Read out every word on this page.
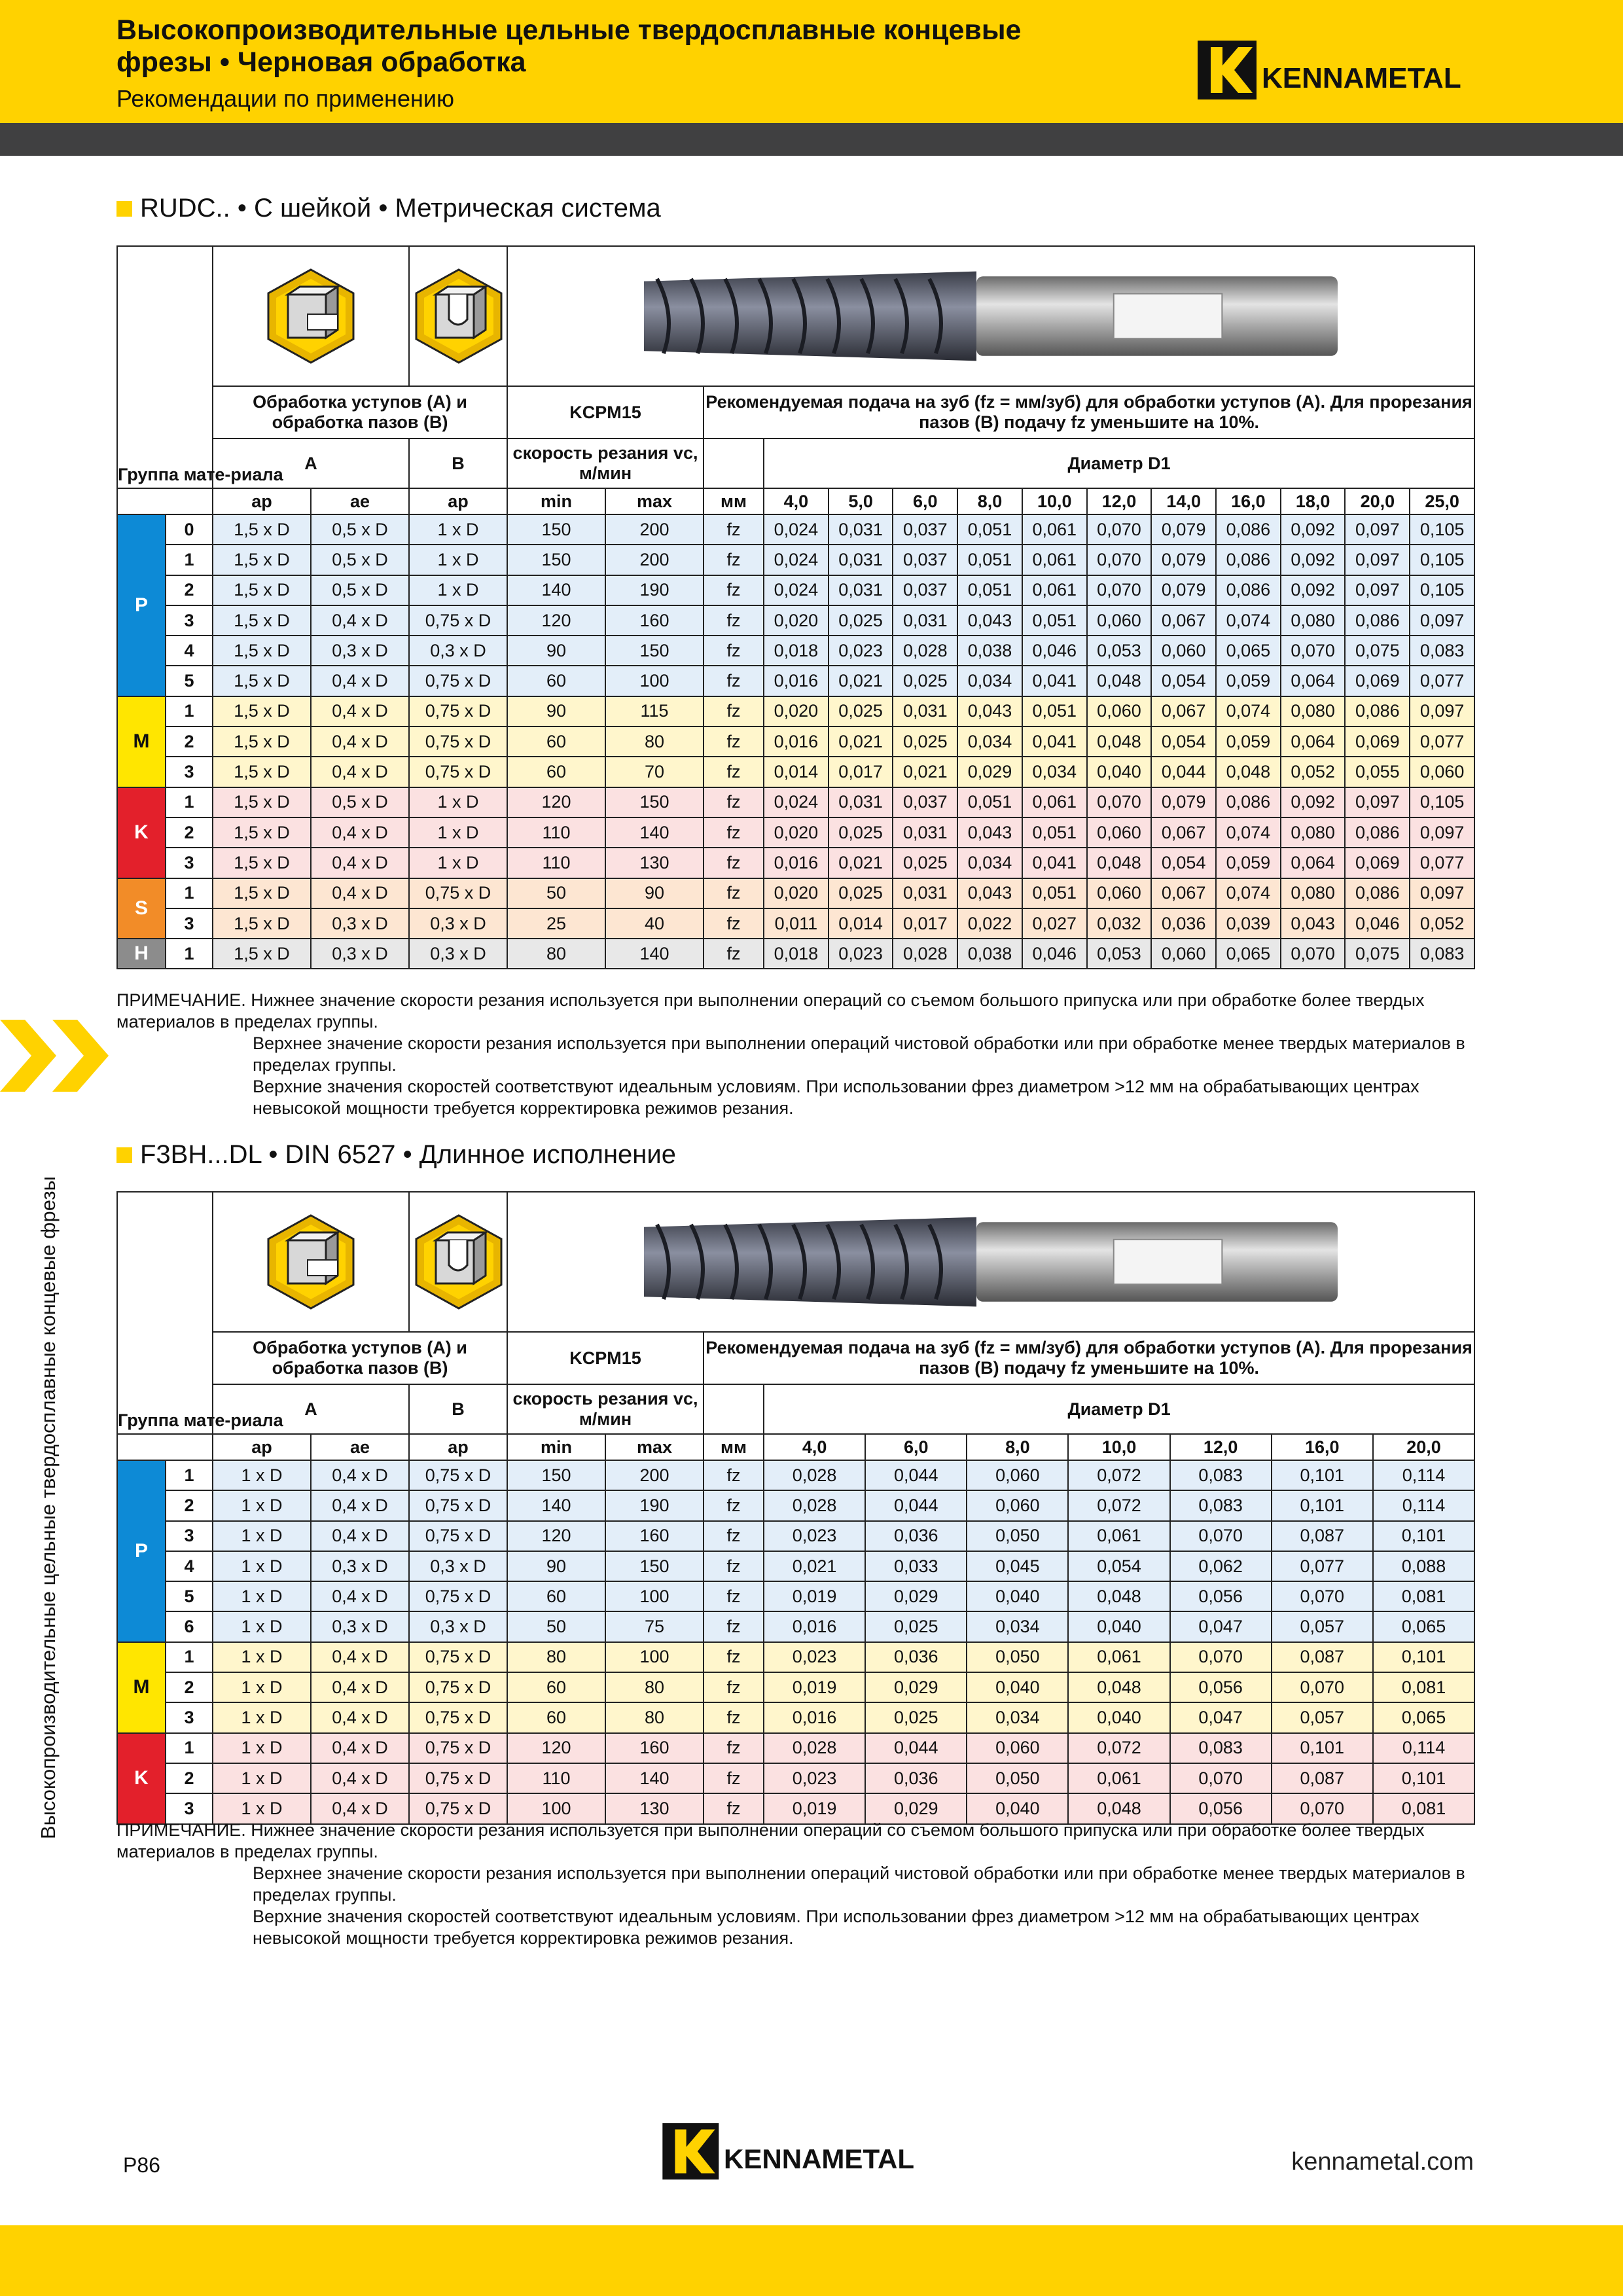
Высокопроизводительные цельные твердосплавные концевые фрезы • Черновая обработка
Рекомендации по применению
KENNAMETAL
Высокопроизводительные цельные твердосплавные концевые фрезы
RUDC.. • С шейкой • Метрическая система
Группа мате-риала

		Обработка уступов (A) и обработка пазов (B)			KCPM15		Рекомендуемая подача на зуб (fz = мм/зуб) для обработки уступов (A). Для прорезания пазов (B) подачу fz уменьшите на 10%.											
		A		B	скорость резания vc, м/мин			Диаметр D1										
		ap	ae	ap	min	max	мм	4,0	5,0	6,0	8,0	10,0	12,0	14,0	16,0	18,0	20,0	25,0
P	0	1,5 x D	0,5 x D	1 x D	150	200	fz	0,024	0,031	0,037	0,051	0,061	0,070	0,079	0,086	0,092	0,097	0,105
	1	1,5 x D	0,5 x D	1 x D	150	200	fz	0,024	0,031	0,037	0,051	0,061	0,070	0,079	0,086	0,092	0,097	0,105
	2	1,5 x D	0,5 x D	1 x D	140	190	fz	0,024	0,031	0,037	0,051	0,061	0,070	0,079	0,086	0,092	0,097	0,105
	3	1,5 x D	0,4 x D	0,75 x D	120	160	fz	0,020	0,025	0,031	0,043	0,051	0,060	0,067	0,074	0,080	0,086	0,097
	4	1,5 x D	0,3 x D	0,3 x D	90	150	fz	0,018	0,023	0,028	0,038	0,046	0,053	0,060	0,065	0,070	0,075	0,083
	5	1,5 x D	0,4 x D	0,75 x D	60	100	fz	0,016	0,021	0,025	0,034	0,041	0,048	0,054	0,059	0,064	0,069	0,077
M	1	1,5 x D	0,4 x D	0,75 x D	90	115	fz	0,020	0,025	0,031	0,043	0,051	0,060	0,067	0,074	0,080	0,086	0,097
	2	1,5 x D	0,4 x D	0,75 x D	60	80	fz	0,016	0,021	0,025	0,034	0,041	0,048	0,054	0,059	0,064	0,069	0,077
	3	1,5 x D	0,4 x D	0,75 x D	60	70	fz	0,014	0,017	0,021	0,029	0,034	0,040	0,044	0,048	0,052	0,055	0,060
K	1	1,5 x D	0,5 x D	1 x D	120	150	fz	0,024	0,031	0,037	0,051	0,061	0,070	0,079	0,086	0,092	0,097	0,105
	2	1,5 x D	0,4 x D	1 x D	110	140	fz	0,020	0,025	0,031	0,043	0,051	0,060	0,067	0,074	0,080	0,086	0,097
	3	1,5 x D	0,4 x D	1 x D	110	130	fz	0,016	0,021	0,025	0,034	0,041	0,048	0,054	0,059	0,064	0,069	0,077
S	1	1,5 x D	0,4 x D	0,75 x D	50	90	fz	0,020	0,025	0,031	0,043	0,051	0,060	0,067	0,074	0,080	0,086	0,097
	3	1,5 x D	0,3 x D	0,3 x D	25	40	fz	0,011	0,014	0,017	0,022	0,027	0,032	0,036	0,039	0,043	0,046	0,052
H	1	1,5 x D	0,3 x D	0,3 x D	80	140	fz	0,018	0,023	0,028	0,038	0,046	0,053	0,060	0,065	0,070	0,075	0,083
ПРИМЕЧАНИЕ. Нижнее значение скорости резания используется при выполнении операций со съемом большого припуска или при обработке более твердых материалов в пределах группы.
Верхнее значение скорости резания используется при выполнении операций чистовой обработки или при обработке менее твердых материалов в пределах группы.
Верхние значения скоростей соответствуют идеальным условиям. При использовании фрез диаметром >12 мм на обрабатывающих центрах невысокой мощности требуется корректировка режимов резания.
F3BH...DL • DIN 6527 • Длинное исполнение
Группа мате-риала

		Обработка уступов (A) и обработка пазов (B)			KCPM15		Рекомендуемая подача на зуб (fz = мм/зуб) для обработки уступов (A). Для прорезания пазов (B) подачу fz уменьшите на 10%.							
		A		B	скорость резания vc, м/мин			Диаметр D1						
		ap	ae	ap	min	max	мм	4,0	6,0	8,0	10,0	12,0	16,0	20,0
P	1	1 x D	0,4 x D	0,75 x D	150	200	fz	0,028	0,044	0,060	0,072	0,083	0,101	0,114
	2	1 x D	0,4 x D	0,75 x D	140	190	fz	0,028	0,044	0,060	0,072	0,083	0,101	0,114
	3	1 x D	0,4 x D	0,75 x D	120	160	fz	0,023	0,036	0,050	0,061	0,070	0,087	0,101
	4	1 x D	0,3 x D	0,3 x D	90	150	fz	0,021	0,033	0,045	0,054	0,062	0,077	0,088
	5	1 x D	0,4 x D	0,75 x D	60	100	fz	0,019	0,029	0,040	0,048	0,056	0,070	0,081
	6	1 x D	0,3 x D	0,3 x D	50	75	fz	0,016	0,025	0,034	0,040	0,047	0,057	0,065
M	1	1 x D	0,4 x D	0,75 x D	80	100	fz	0,023	0,036	0,050	0,061	0,070	0,087	0,101
	2	1 x D	0,4 x D	0,75 x D	60	80	fz	0,019	0,029	0,040	0,048	0,056	0,070	0,081
	3	1 x D	0,4 x D	0,75 x D	60	80	fz	0,016	0,025	0,034	0,040	0,047	0,057	0,065
K	1	1 x D	0,4 x D	0,75 x D	120	160	fz	0,028	0,044	0,060	0,072	0,083	0,101	0,114
	2	1 x D	0,4 x D	0,75 x D	110	140	fz	0,023	0,036	0,050	0,061	0,070	0,087	0,101
	3	1 x D	0,4 x D	0,75 x D	100	130	fz	0,019	0,029	0,040	0,048	0,056	0,070	0,081
ПРИМЕЧАНИЕ. Нижнее значение скорости резания используется при выполнении операций со съемом большого припуска или при обработке более твердых материалов в пределах группы.
Верхнее значение скорости резания используется при выполнении операций чистовой обработки или при обработке менее твердых материалов в пределах группы.
Верхние значения скоростей соответствуют идеальным условиям. При использовании фрез диаметром >12 мм на обрабатывающих центрах невысокой мощности требуется корректировка режимов резания.
P86	KENNAMETAL	kennametal.com
